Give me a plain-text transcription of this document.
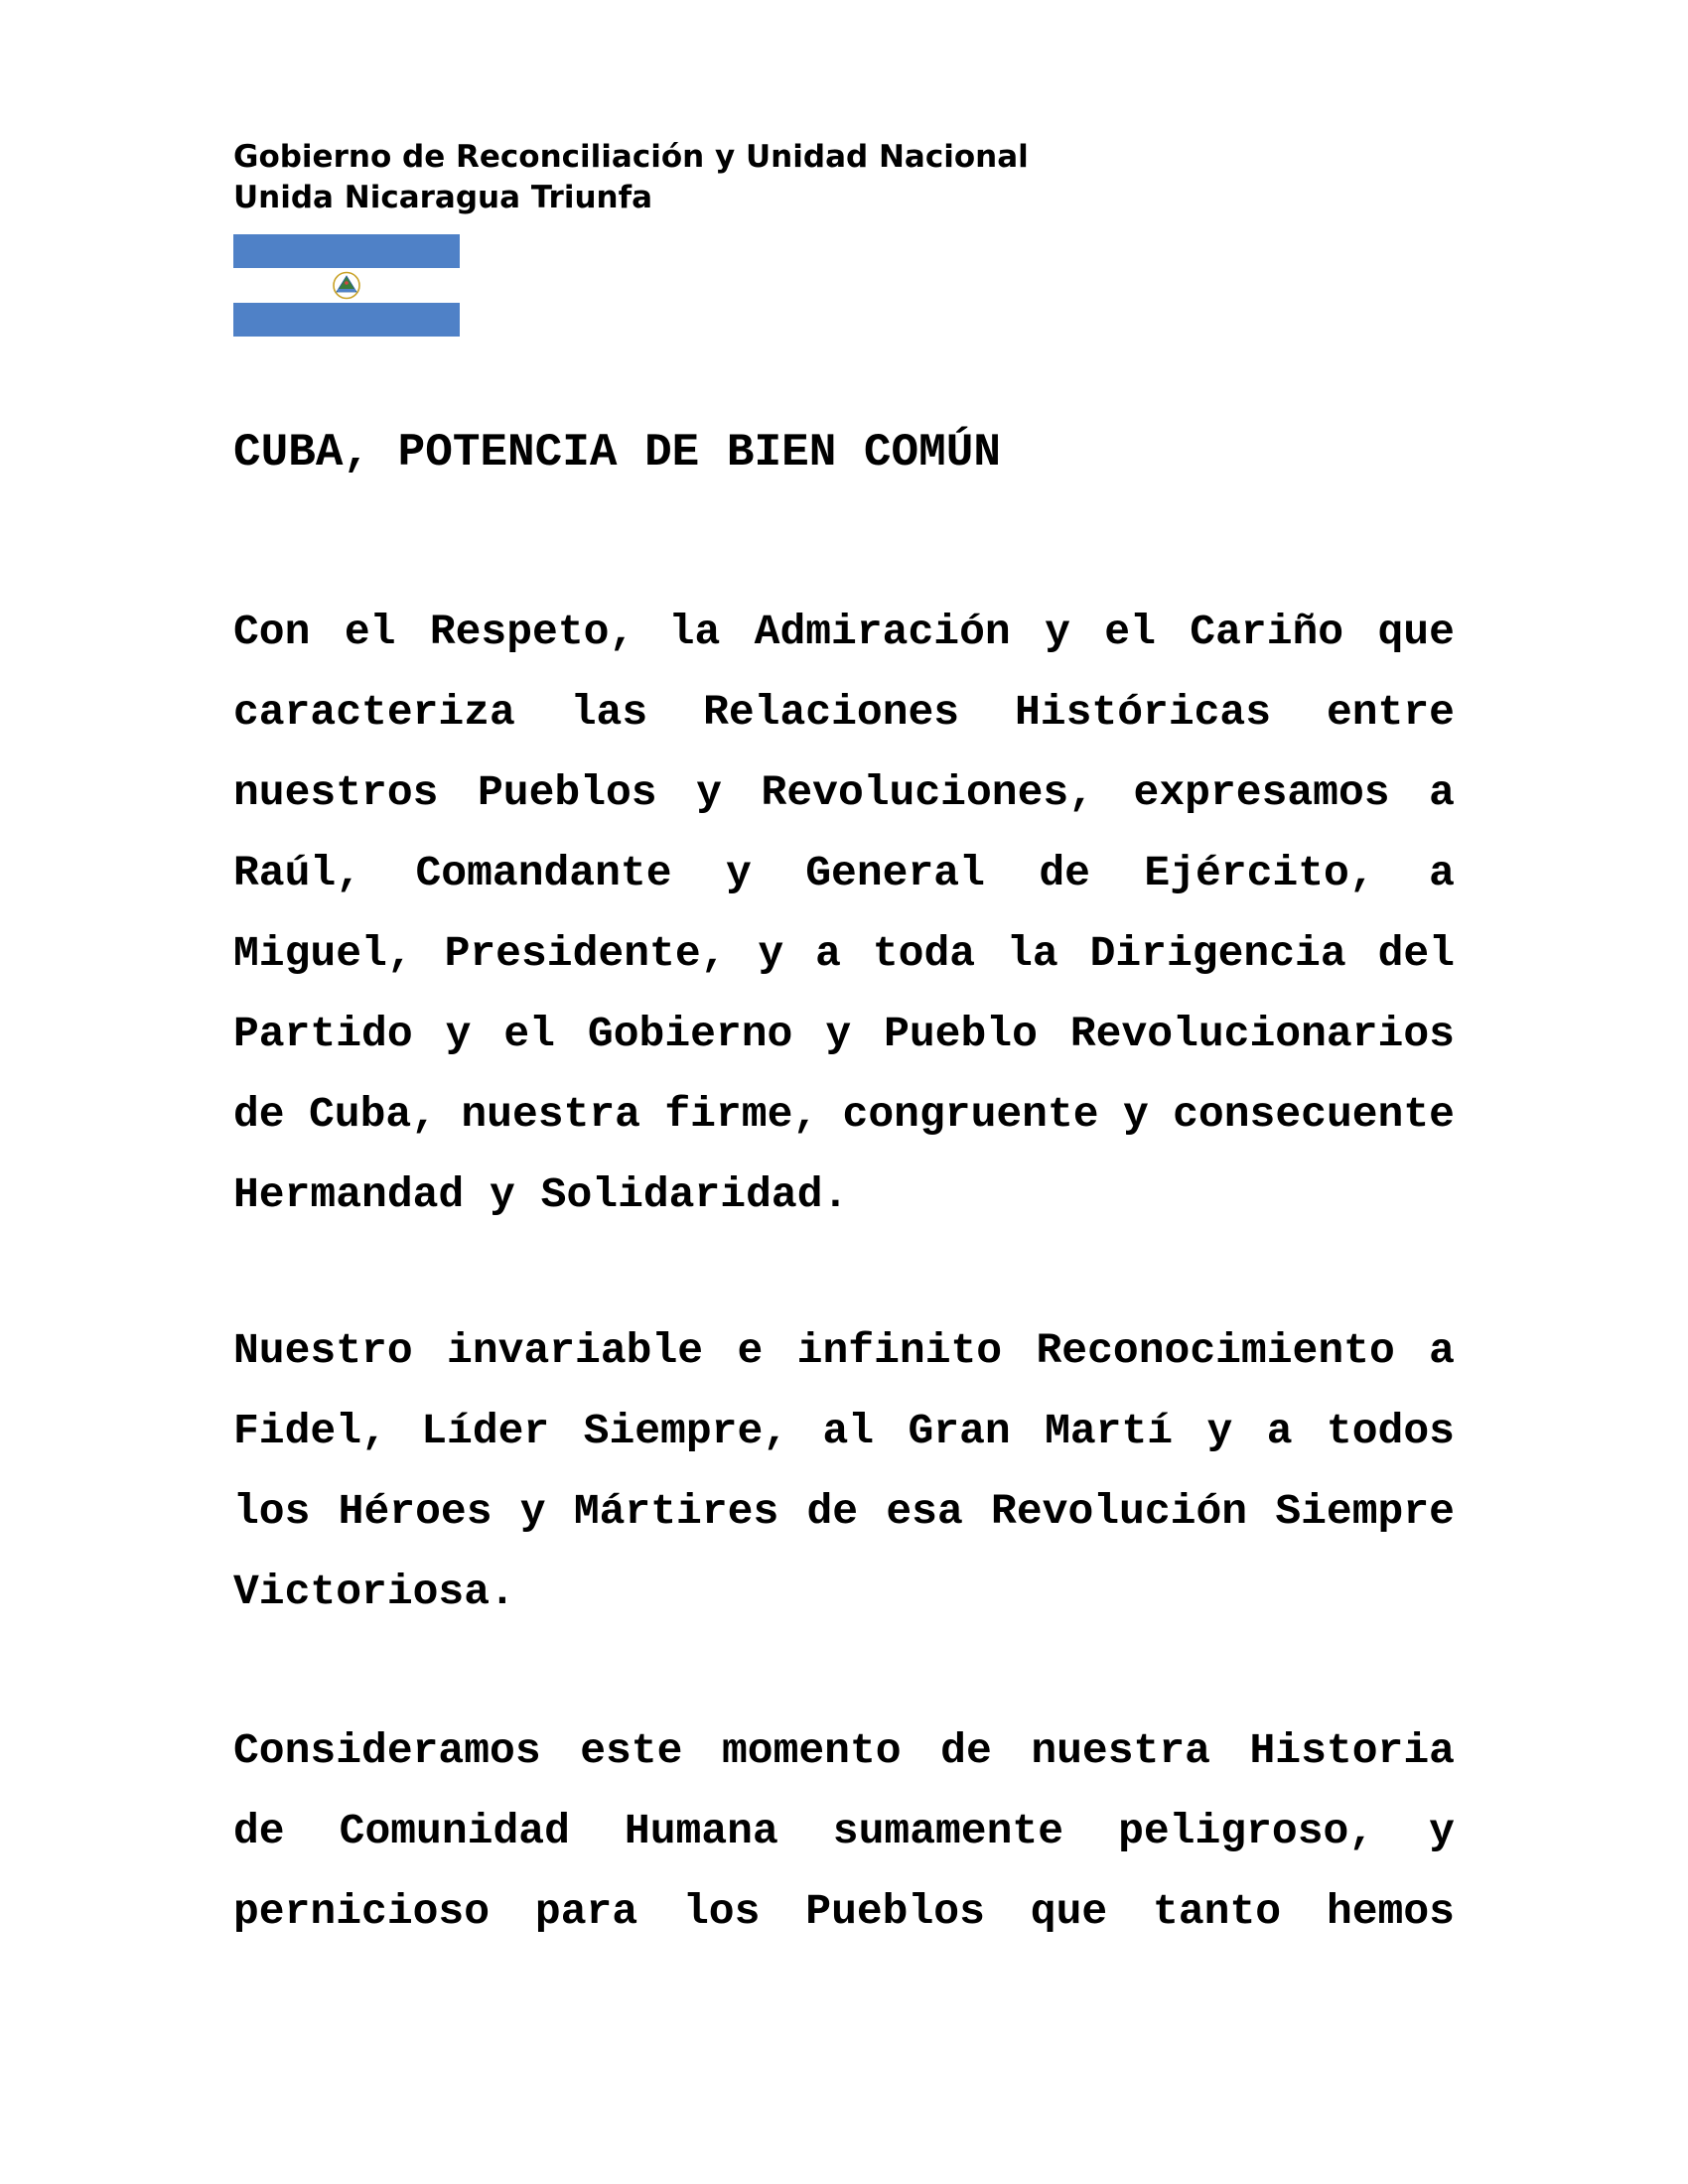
Gobierno de Reconciliación y Unidad Nacional
Unida Nicaragua Triunfa
CUBA, POTENCIA DE BIEN COMÚN
Con el Respeto, la Admiración y el Cariño que
caracteriza las Relaciones Históricas entre
nuestros Pueblos y Revoluciones, expresamos a
Raúl, Comandante y General de Ejército, a
Miguel, Presidente, y a toda la Dirigencia del
Partido y el Gobierno y Pueblo Revolucionarios
de Cuba, nuestra firme, congruente y consecuente
Hermandad y Solidaridad.
Nuestro invariable e infinito Reconocimiento a
Fidel, Líder Siempre, al Gran Martí y a todos
los Héroes y Mártires de esa Revolución Siempre
Victoriosa.
Consideramos este momento de nuestra Historia
de Comunidad Humana sumamente peligroso, y
pernicioso para los Pueblos que tanto hemos
